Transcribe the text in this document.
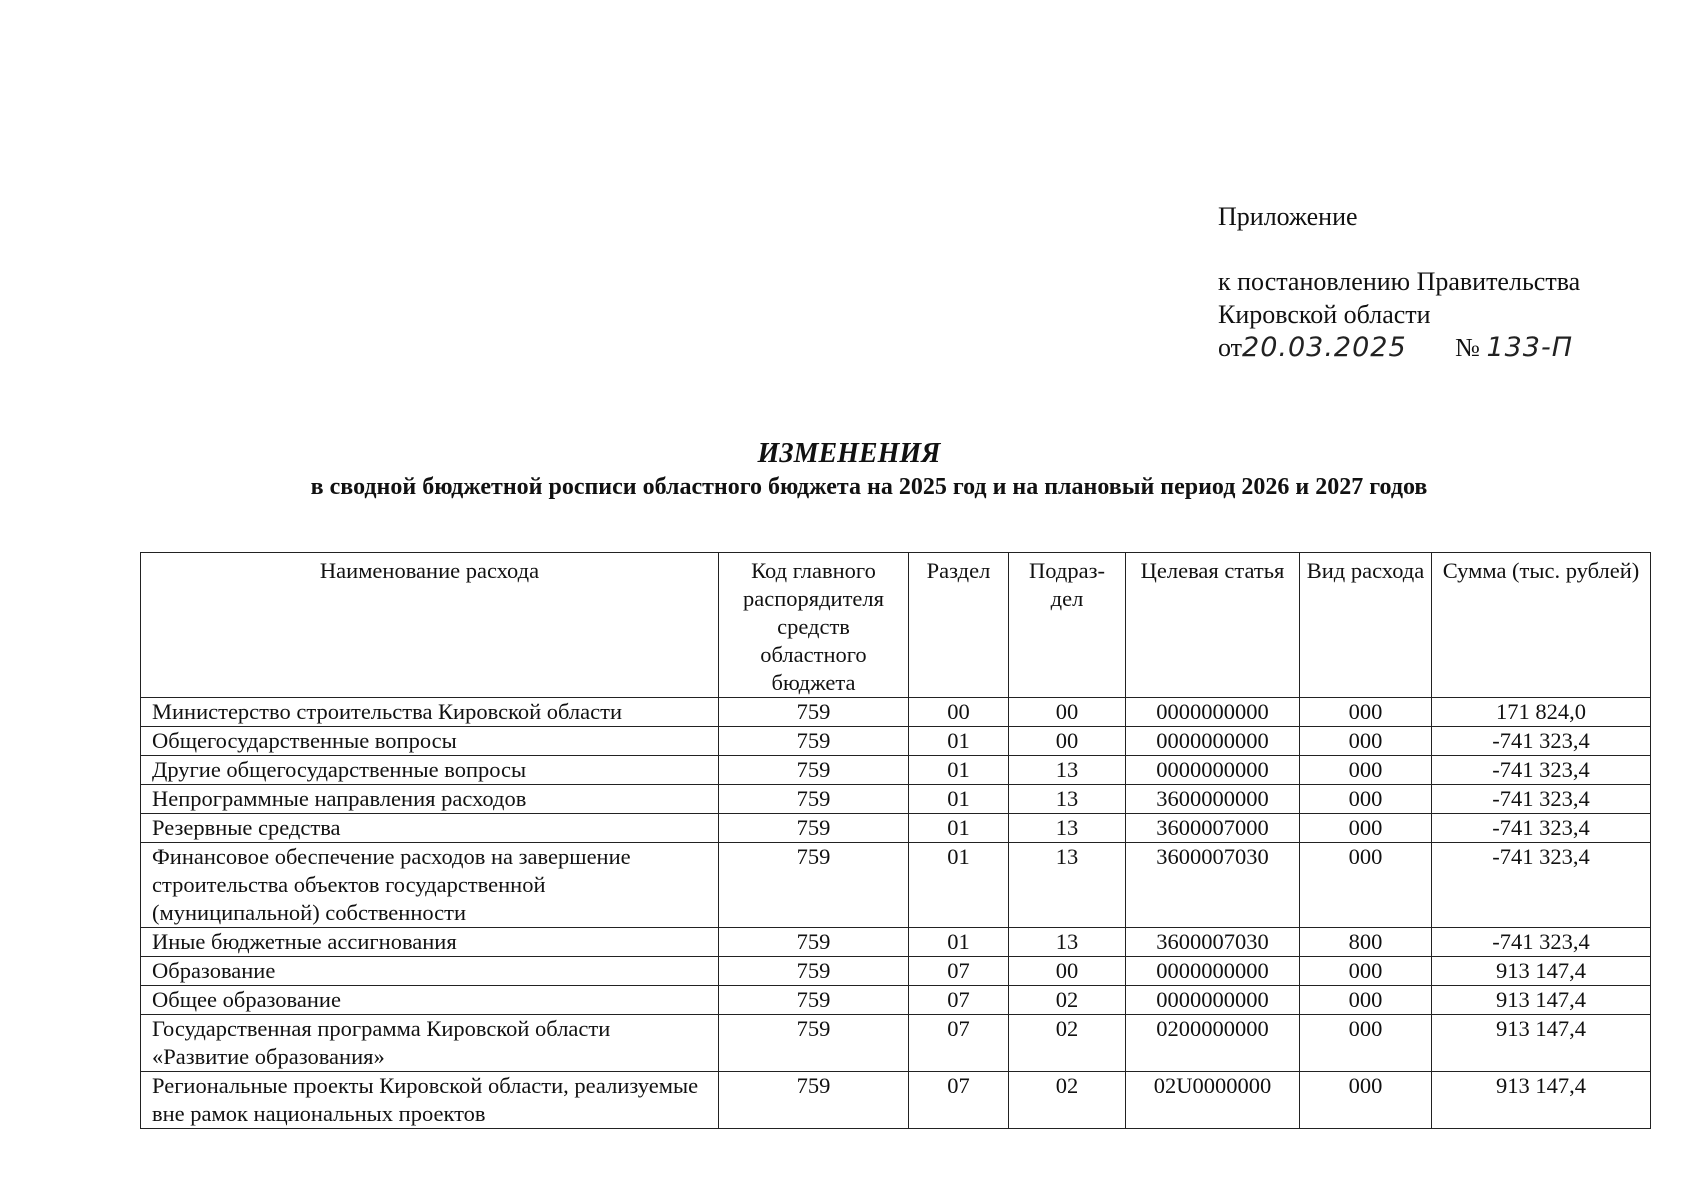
Приложение
к постановлению Правительства
Кировской области
от20.03.2025 № 133-П
ИЗМЕНЕНИЯ
в сводной бюджетной росписи областного бюджета на 2025 год и на плановый период 2026 и 2027 годов
Наименование расхода	Код главного распорядителя средств областного бюджета	Раздел	Подраз-дел	Целевая статья	Вид расхода	Сумма (тыс. рублей)
Министерство строительства Кировской области	759	00	00	0000000000	000	171 824,0
Общегосударственные вопросы	759	01	00	0000000000	000	-741 323,4
Другие общегосударственные вопросы	759	01	13	0000000000	000	-741 323,4
Непрограммные направления расходов	759	01	13	3600000000	000	-741 323,4
Резервные средства	759	01	13	3600007000	000	-741 323,4
Финансовое обеспечение расходов на завершение строительства объектов государственной (муниципальной) собственности	759	01	13	3600007030	000	-741 323,4
Иные бюджетные ассигнования	759	01	13	3600007030	800	-741 323,4
Образование	759	07	00	0000000000	000	913 147,4
Общее образование	759	07	02	0000000000	000	913 147,4
Государственная программа Кировской области «Развитие образования»	759	07	02	0200000000	000	913 147,4
Региональные проекты Кировской области, реализуемые вне рамок национальных проектов	759	07	02	02U0000000	000	913 147,4
